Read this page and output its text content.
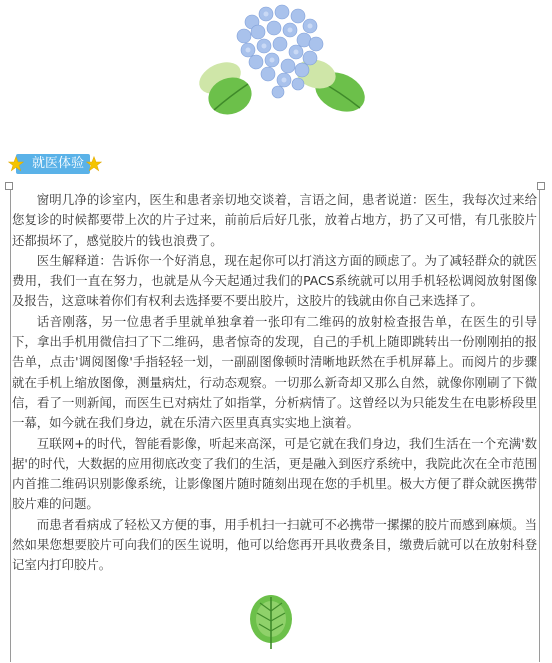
就医体验

窗明几净的诊室内，医生和患者亲切地交谈着，言语之间，患者说道：医生，我每次过来给您复诊的时候都要带上次的片子过来，前前后后好几张，放着占地方，扔了又可惜，有几张胶片还都损坏了，感觉胶片的钱也浪费了。

医生解释道：告诉你一个好消息，现在起你可以打消这方面的顾虑了。为了减轻群众的就医费用，我们一直在努力，也就是从今天起通过我们的PACS系统就可以用手机轻松调阅放射图像及报告，这意味着你们有权利去选择要不要出胶片，这胶片的钱就由你自己来选择了。

话音刚落，另一位患者手里就单独拿着一张印有二维码的放射检查报告单，在医生的引导下，拿出手机用微信扫了下二维码，患者惊奇的发现，自己的手机上随即跳转出一份刚刚拍的报告单，点击'调阅图像'手指轻轻一划，一副副图像顿时清晰地跃然在手机屏幕上。而阅片的步骤就在手机上缩放图像，测量病灶，行动态观察。一切那么新奇却又那么自然，就像你刚刷了下微信，看了一则新闻，而医生已对病灶了如指掌，分析病情了。这曾经以为只能发生在电影桥段里一幕，如今就在我们身边，就在乐清六医里真真实实地上演着。

互联网+的时代，智能看影像，听起来高深，可是它就在我们身边，我们生活在一个充满'数据'的时代，大数据的应用彻底改变了我们的生活，更是融入到医疗系统中，我院此次在全市范围内首推二维码识别影像系统，让影像图片随时随刻出现在您的手机里。极大方便了群众就医携带胶片难的问题。

而患者看病成了轻松又方便的事，用手机扫一扫就可不必携带一摞摞的胶片而感到麻烦。当然如果您想要胶片可向我们的医生说明，他可以给您再开具收费条目，缴费后就可以在放射科登记室内打印胶片。
